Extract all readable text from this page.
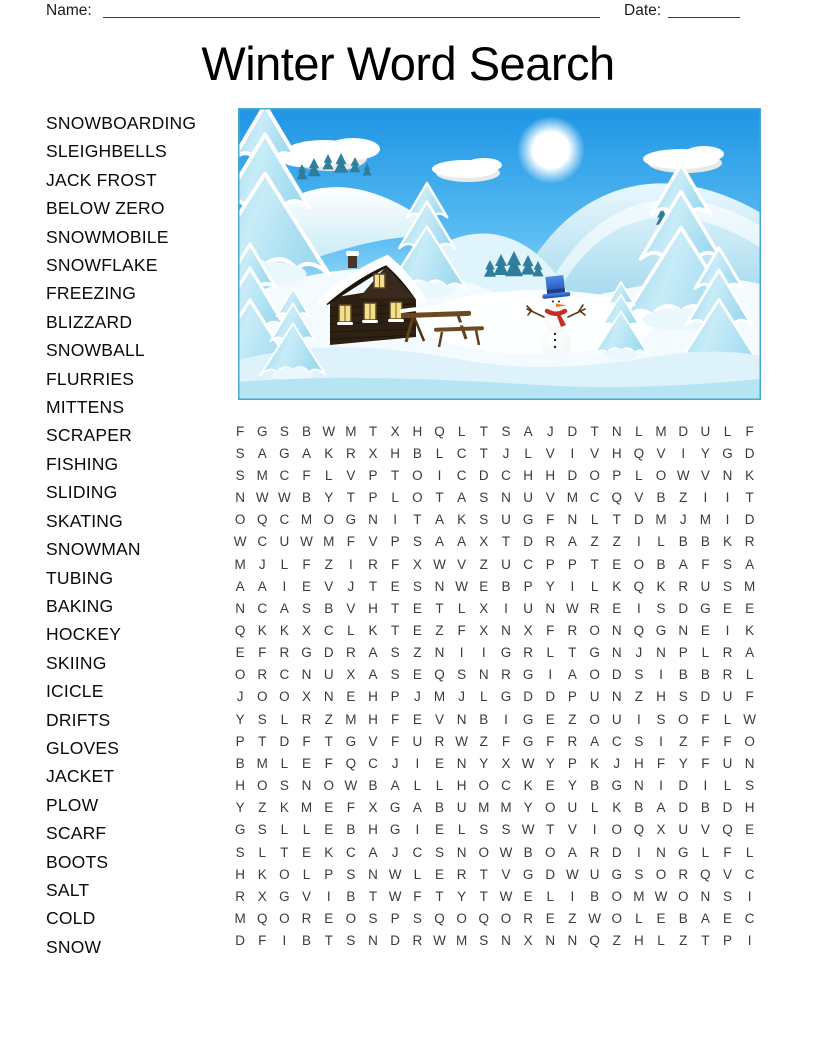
Name:	Date:
Winter Word Search
SNOWBOARDING
SLEIGHBELLS
JACK FROST
BELOW ZERO
SNOWMOBILE
SNOWFLAKE
FREEZING
BLIZZARD
SNOWBALL
FLURRIES
MITTENS
SCRAPER
FISHING
SLIDING
SKATING
SNOWMAN
TUBING
BAKING
HOCKEY
SKIING
ICICLE
DRIFTS
GLOVES
JACKET
PLOW
SCARF
BOOTS
SALT
COLD
SNOW
F G S B W M T	X H Q L	T	S A	J	D T N	L M D U	L	F
S A G A K R X H B	L	C T	J	L	V	I	V H Q V	I	Y G D
S M C F	L	V P	T O	I	C D C H H D O P	L O W V N K
N W W B Y	T	P	L O T	A S N U V M C Q V B	Z	I	I	T
O Q C M O G N	I	T	A K S U G F N	L	T D M J M	I	D
W C U W M F	V P S A A X	T D R A	Z	Z	I	L	B B K R
M J	L	F	Z	I	R F	X W V	Z U C P P	T	E O B A	F	S A
A A	I	E V	J	T	E S N W E B P Y	I	L	K Q K R U S M
N C A S B V H T	E	T	L	X	I	U N W R E	I	S D G E E
Q K K X C	L	K	T	E	Z	F	X N X	F R O N Q G N E	I	K
E	F R G D R A S	Z N	I	I	G R	L	T G N	J	N P	L	R A
O R C N U X A S E Q S N R G	I	A O D S	I	B B R	L
J	O O X N E H P	J M J	L G D D P U N Z H S D U F
Y S	L	R Z M H F	E V N B	I	G E	Z O U	I	S O F	L W
P	T D F	T G V	F U R W Z	F G F R A C S	I	Z	F	F O
B M L	E	F Q C	J	I	E N Y X W Y P K	J	H F	Y	F U N
H O S N O W B A	L	L	H O C K E Y B G N	I	D	I	L	S
Y	Z	K M E	F	X G A B U M M Y O U	L	K B A D B D H
G S	L	L	E B H G	I	E	L	S S W T	V	I	O Q X U V Q E
S	L	T	E K C A	J	C S N O W B O A R D	I	N G L	F	L
H K O L	P S N W L	E R T	V G D W U G S O R Q V C
R X G V	I	B	T W F	T	Y	T W E	L	I	B O M W O N S	I
M Q O R E O S P S Q O Q O R E	Z W O L	E B A E C
D F	I	B	T	S N D R W M S N X N N Q Z H	L	Z	T	P	I
